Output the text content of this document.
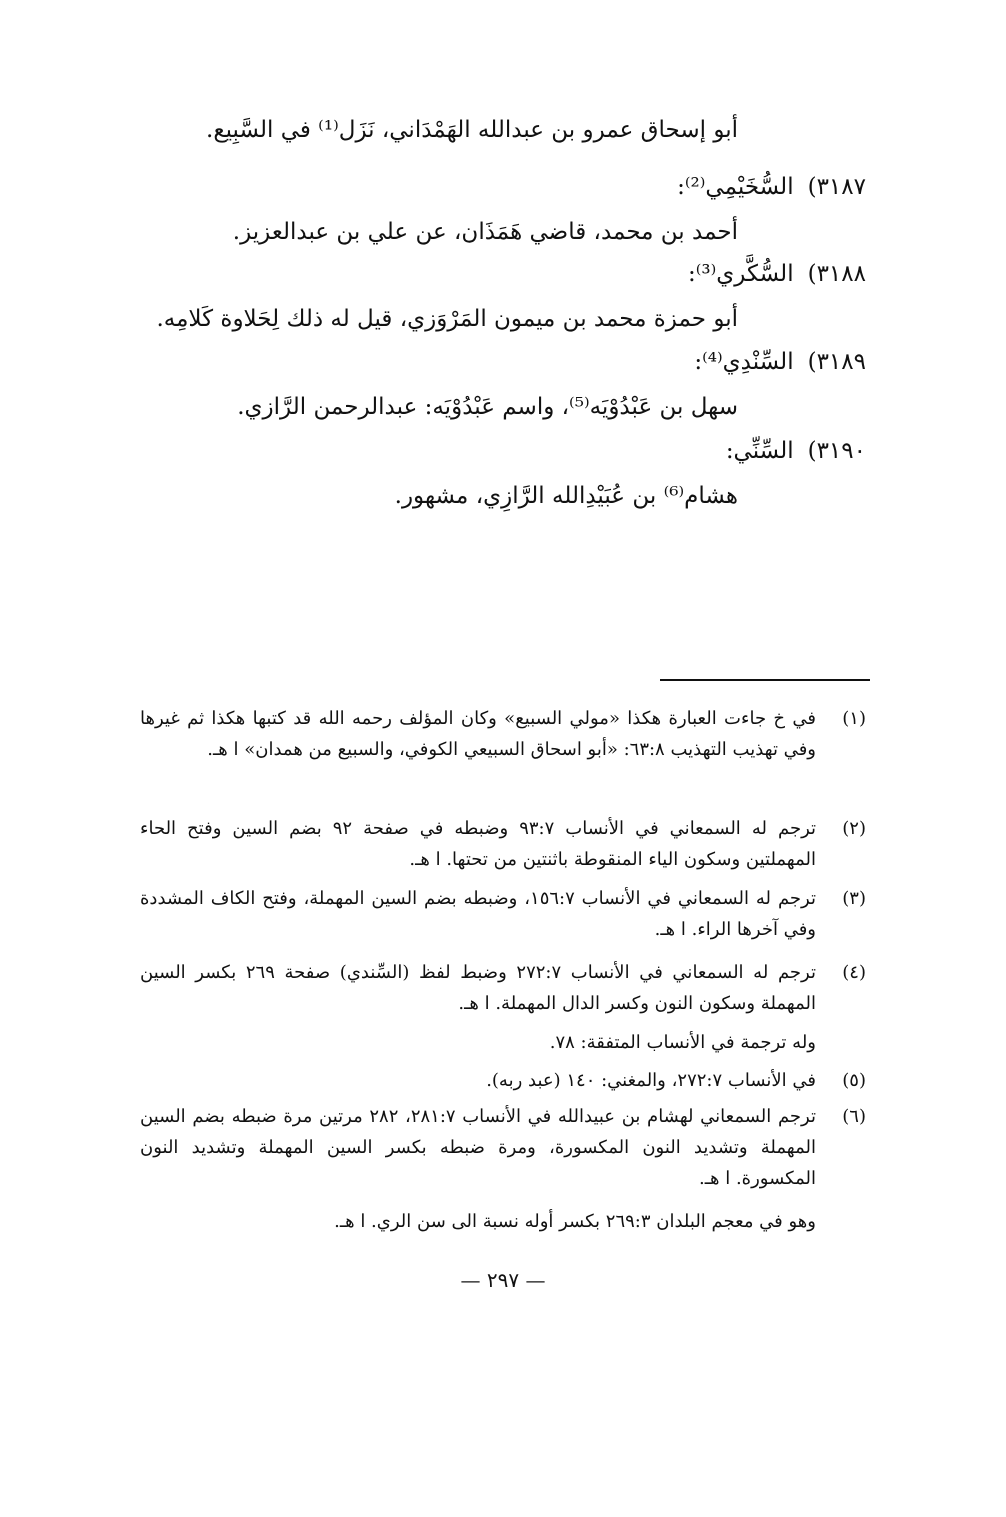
أبو إسحاق عمرو بن عبدالله الهَمْدَاني، نَزَل⁽¹⁾ في السَّبِيع.
٣١٨٧)السُّخَيْمِي⁽²⁾:
أحمد بن محمد، قاضي هَمَذَان، عن علي بن عبدالعزيز.
٣١٨٨)السُّكَّري⁽³⁾:
أبو حمزة محمد بن ميمون المَرْوَزي، قيل له ذلك لِحَلاوة كَلامِه.
٣١٨٩)السِّنْدِي⁽⁴⁾:
سهل بن عَبْدُوْيَه⁽⁵⁾، واسم عَبْدُوْيَه: عبدالرحمن الرَّازي.
٣١٩٠)السِّنِّي:
هشام⁽⁶⁾ بن عُبَيْدِالله الرَّازِي، مشهور.
(١)
في خ جاءت العبارة هكذا «مولي السبيع» وكان المؤلف رحمه الله قد كتبها هكذا ثم غيرها وفي تهذيب التهذيب ٦٣:٨: «أبو اسحاق السبيعي الكوفي، والسبيع من همدان» ا هـ.
(٢)
ترجم له السمعاني في الأنساب ٩٣:٧ وضبطه في صفحة ٩٢ بضم السين وفتح الحاء المهملتين وسكون الياء المنقوطة باثنتين من تحتها. ا هـ.
(٣)
ترجم له السمعاني في الأنساب ١٥٦:٧، وضبطه بضم السين المهملة، وفتح الكاف المشددة وفي آخرها الراء. ا هـ.
(٤)
ترجم له السمعاني في الأنساب ٢٧٢:٧ وضبط لفظ (السِّندي) صفحة ٢٦٩ بكسر السين المهملة وسكون النون وكسر الدال المهملة. ا هـ.
وله ترجمة في الأنساب المتفقة: ٧٨.
(٥)
في الأنساب ٢٧٢:٧، والمغني: ١٤٠ (عبد ربه).
(٦)
ترجم السمعاني لهشام بن عبيدالله في الأنساب ٢٨١:٧، ٢٨٢ مرتين مرة ضبطه بضم السين المهملة وتشديد النون المكسورة، ومرة ضبطه بكسر السين المهملة وتشديد النون المكسورة. ا هـ.
وهو في معجم البلدان ٢٦٩:٣ بكسر أوله نسبة الى سن الري. ا هـ.
— ٢٩٧ —
